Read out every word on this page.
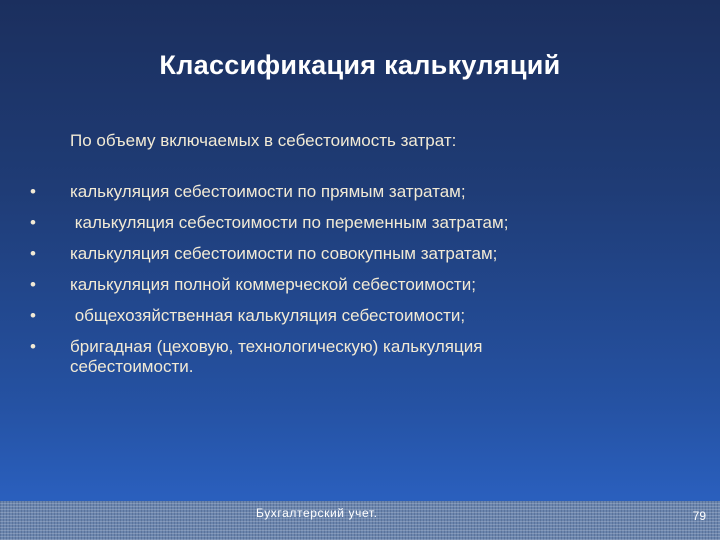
Классификация калькуляций
По объему включаемых в себестоимость затрат:
• калькуляция себестоимости по прямым затратам;
• калькуляция себестоимости по переменным затратам;
• калькуляция себестоимости по совокупным затратам;
• калькуляция полной коммерческой себестоимости;
• общехозяйственная калькуляция себестоимости;
• бригадная (цеховую, технологическую) калькуляция себестоимости.
Бухгалтерский учет.	79
